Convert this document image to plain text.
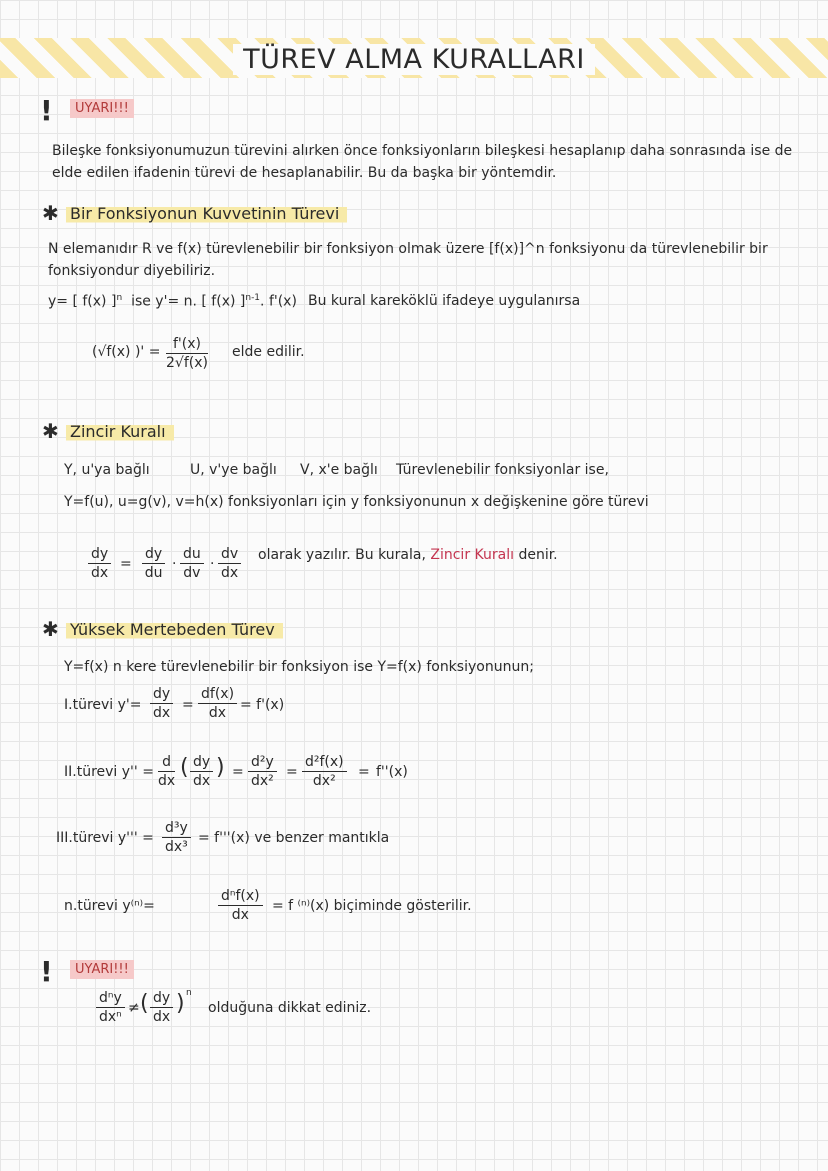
TÜREV ALMA KURALLARI
!	UYARI!!!
Bileşke fonksiyonumuzun türevini alırken önce fonksiyonların bileşkesi hesaplanıp daha sonrasında ise de elde edilen ifadenin türevi de hesaplanabilir. Bu da başka bir yöntemdir.
✱ Bir Fonksiyonun Kuvvetinin Türevi
N elemanıdır R ve f(x) türevlenebilir bir fonksiyon olmak üzere [f(x)]^n fonksiyonu da türevlenebilir bir fonksiyondur diyebiliriz.
y= [ f(x) ]$^n$ ise y'= n. [ f(x) ]$^{n-1}$. f'(x) Bu kural kareköklü ifadeye uygulanırsa
(√f(x) )' = $\frac{f'(x)}{2√f(x)}$ elde edilir.
✱ Zincir Kuralı
Y, u'ya bağlı	U, v'ye bağlı V, x'e bağlı Türevlenebilir fonksiyonlar ise,
Y=f(u), u=g(v), v=h(x) fonksiyonları için y fonksiyonunun x değişkenine göre türevi
$\frac{dy}{dx} = \frac{dy}{du} \cdot \frac{du}{dv} \cdot \frac{dv}{dx}$ olarak yazılır. Bu kurala, Zincir Kuralı denir.
✱ Yüksek Mertebeden Türev
Y=f(x) n kere türevlenebilir bir fonksiyon ise Y=f(x) fonksiyonunun;
I.türevi $y'= \frac{dy}{dx} = \frac{df(x)}{dx} = f'(x)$
II.türevi $y'' = \frac{d}{dx}$ ( $\frac{dy}{dx}$ ) = $\frac{\text{d²y}}{\text{dx²}} = \frac{\text{d²f(x)}}{\text{dx²}} = f''(x)$
III.türevi $y''' = \frac{\text{d³y}}{\text{dx³}} = f'''(x)$ ve benzer mantıkla
n.türevi y⁽ⁿ⁾=
dⁿf(x)
dx
= f ⁽ⁿ⁾(x) biçiminde gösterilir.
!	UYARI!!!
dⁿy
dxⁿ
≠ ( $\frac{dy}{dx}$ ) $^n$
olduğuna dikkat ediniz.
